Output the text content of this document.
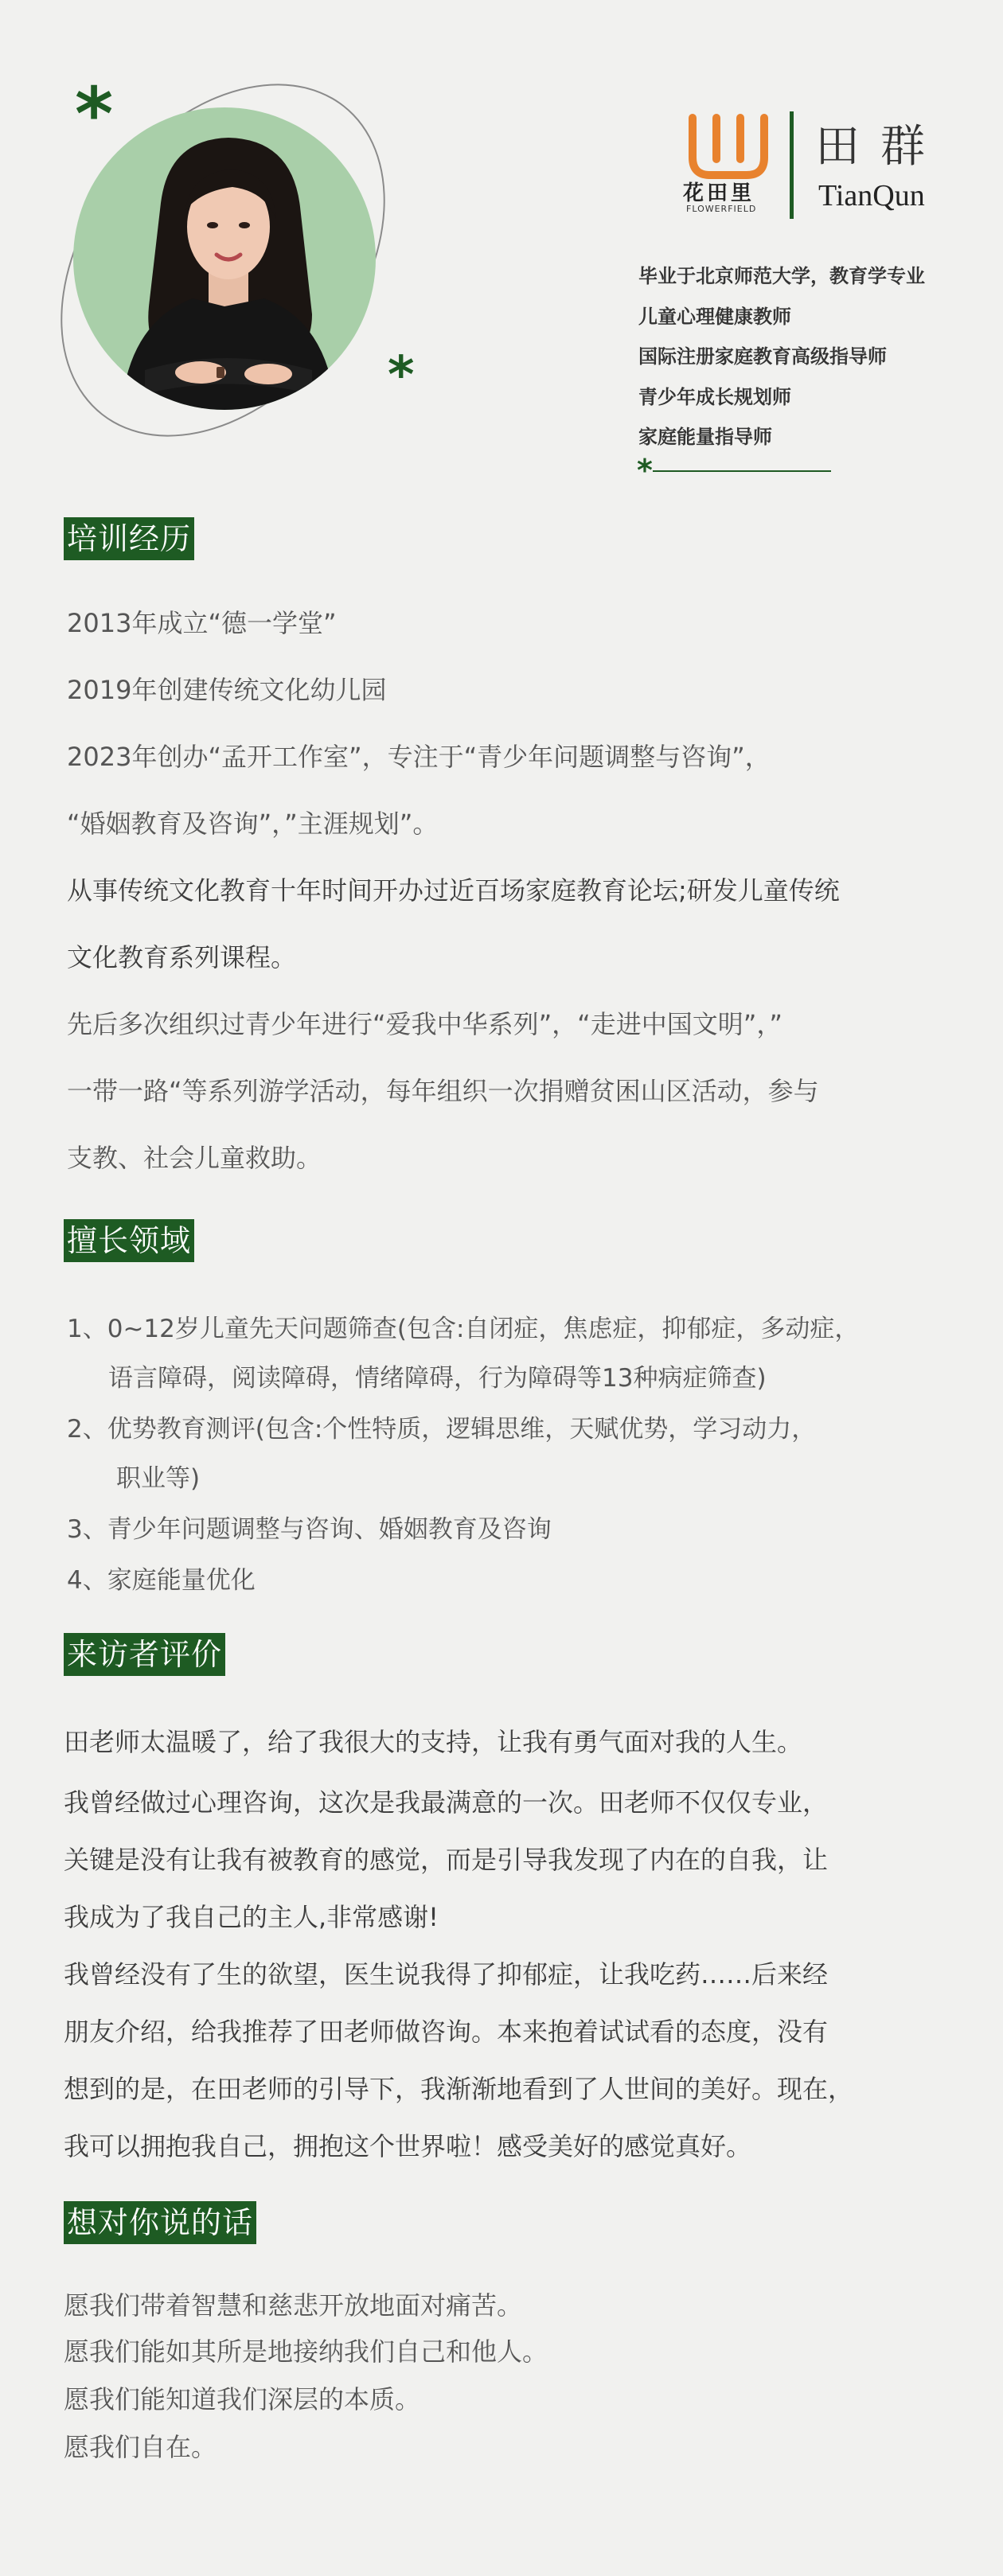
*
*
花田里
FLOWERFIELD
田群
TianQun
毕业于北京师范大学，教育学专业
儿童心理健康教师
国际注册家庭教育高级指导师
青少年成长规划师
家庭能量指导师
*
培训经历
2013年成立“德一学堂”
2019年创建传统文化幼儿园
2023年创办“孟开工作室”，专注于“青少年问题调整与咨询”，
“婚姻教育及咨询”，”主涯规划”。
从事传统文化教育十年时间开办过近百场家庭教育论坛;研发儿童传统
文化教育系列课程。
先后多次组织过青少年进行“爱我中华系列”，“走进中国文明”，”
一带一路“等系列游学活动，每年组织一次捐赠贫困山区活动，参与
支教、社会儿童救助。
擅长领域
1、0~12岁儿童先天问题筛查(包含:自闭症，焦虑症，抑郁症，多动症，
语言障碍，阅读障碍，情绪障碍，行为障碍等13种病症筛查)
2、优势教育测评(包含:个性特质，逻辑思维，天赋优势，学习动力，
职业等)
3、青少年问题调整与咨询、婚姻教育及咨询
4、家庭能量优化
来访者评价
田老师太温暖了，给了我很大的支持，让我有勇气面对我的人生。
我曾经做过心理咨询，这次是我最满意的一次。田老师不仅仅专业，
关键是没有让我有被教育的感觉，而是引导我发现了内在的自我，让
我成为了我自己的主人,非常感谢!
我曾经没有了生的欲望，医生说我得了抑郁症，让我吃药……后来经
朋友介绍，给我推荐了田老师做咨询。本来抱着试试看的态度，没有
想到的是，在田老师的引导下，我渐渐地看到了人世间的美好。现在，
我可以拥抱我自己，拥抱这个世界啦！感受美好的感觉真好。
想对你说的话
愿我们带着智慧和慈悲开放地面对痛苦。
愿我们能如其所是地接纳我们自己和他人。
愿我们能知道我们深层的本质。
愿我们自在。
